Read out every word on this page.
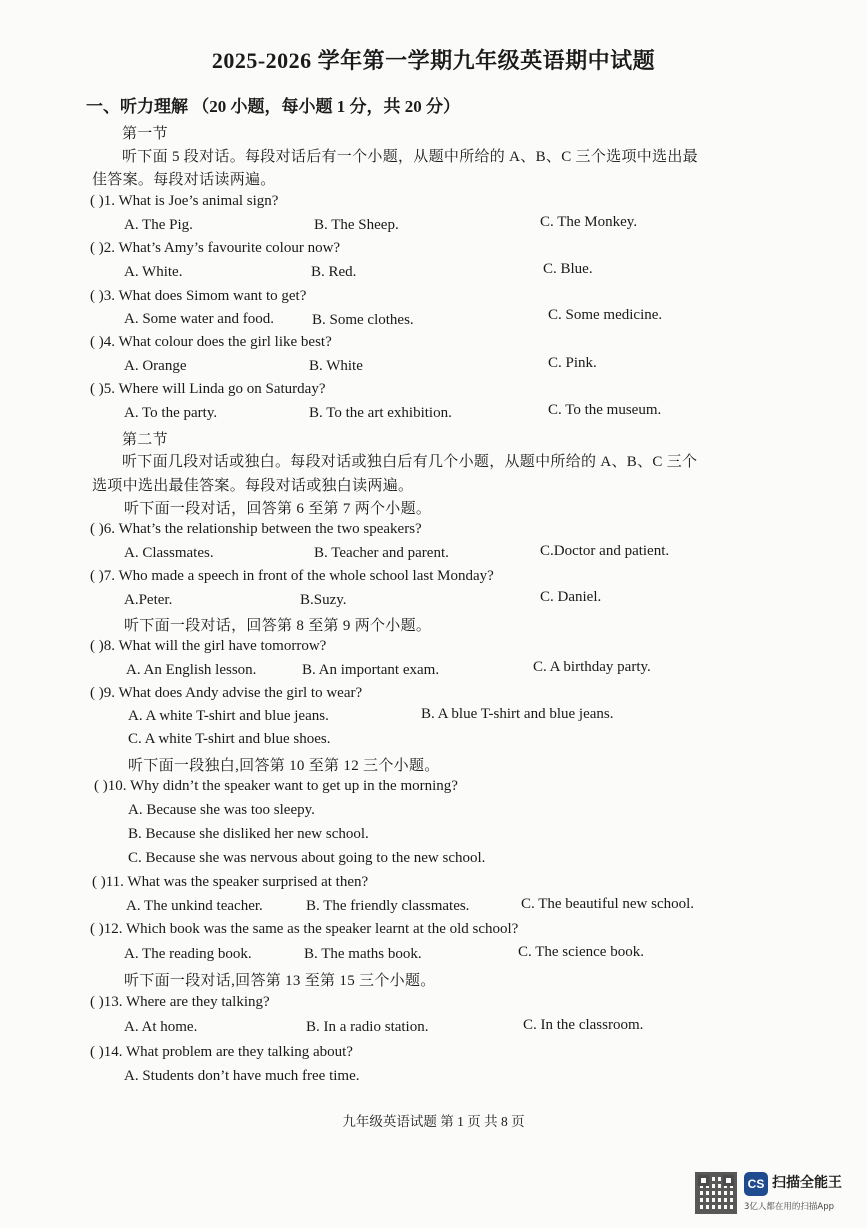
2025-2026 学年第一学期九年级英语期中试题
一、听力理解 （20 小题，每小题 1 分，共 20 分）
第一节
听下面 5 段对话。每段对话后有一个小题，从题中所给的 A、B、C 三个选项中选出最
佳答案。每段对话读两遍。
( )1. What is Joe’s animal sign?
A. The Pig.	B. The Sheep.	C. The Monkey.
( )2. What’s Amy’s favourite colour now?
A. White.	B. Red.	C. Blue.
( )3. What does Simom want to get?
A. Some water and food.	B. Some clothes.	C. Some medicine.
( )4. What colour does the girl like best?
A. Orange	B. White	C. Pink.
( )5. Where will Linda go on Saturday?
A. To the party.	B. To the art exhibition.	C. To the museum.
第二节
听下面几段对话或独白。每段对话或独白后有几个小题，从题中所给的 A、B、C 三个
选项中选出最佳答案。每段对话或独白读两遍。
听下面一段对话，回答第 6 至第 7 两个小题。
( )6. What’s the relationship between the two speakers?
A. Classmates.	B. Teacher and parent.	C.Doctor and patient.
( )7. Who made a speech in front of the whole school last Monday?
A.Peter.	B.Suzy.	C. Daniel.
听下面一段对话，回答第 8 至第 9 两个小题。
( )8. What will the girl have tomorrow?
A. An English lesson.	B. An important exam.	C. A birthday party.
( )9. What does Andy advise the girl to wear?
A. A white T-shirt and blue jeans.	B. A blue T-shirt and blue jeans.
C. A white T-shirt and blue shoes.
听下面一段独白,回答第 10 至第 12 三个小题。
( )10. Why didn’t the speaker want to get up in the morning?
A. Because she was too sleepy.
B. Because she disliked her new school.
C. Because she was nervous about going to the new school.
( )11. What was the speaker surprised at then?
A. The unkind teacher.	B. The friendly classmates.	C. The beautiful new school.
( )12. Which book was the same as the speaker learnt at the old school?
A. The reading book.	B. The maths book.	C. The science book.
听下面一段对话,回答第 13 至第 15 三个小题。
( )13. Where are they talking?
A. At home.	B. In a radio station.	C. In the classroom.
( )14. What problem are they talking about?
A. Students don’t have much free time.
九年级英语试题 第 1 页 共 8 页
CS 扫描全能王
3亿人都在用的扫描App
